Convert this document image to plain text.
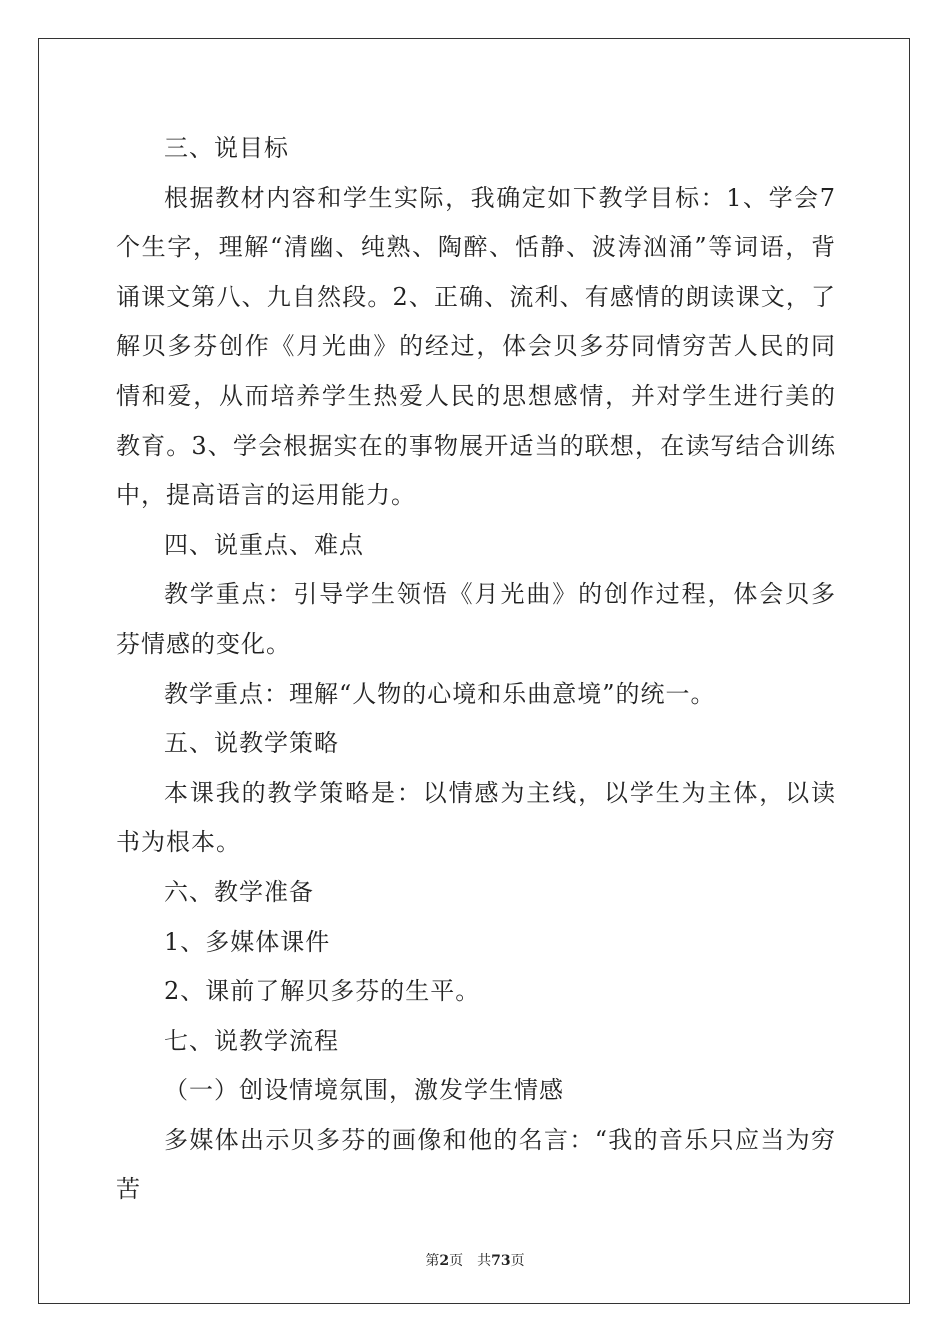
三、说目标

根据教材内容和学生实际，我确定如下教学目标：1、学会7个生字，理解“清幽、纯熟、陶醉、恬静、波涛汹涌”等词语，背诵课文第八、九自然段。2、正确、流利、有感情的朗读课文，了解贝多芬创作《月光曲》的经过，体会贝多芬同情穷苦人民的同情和爱，从而培养学生热爱人民的思想感情，并对学生进行美的教育。3、学会根据实在的事物展开适当的联想，在读写结合训练中，提高语言的运用能力。

四、说重点、难点

教学重点：引导学生领悟《月光曲》的创作过程，体会贝多芬情感的变化。

教学重点：理解“人物的心境和乐曲意境”的统一。

五、说教学策略

本课我的教学策略是：以情感为主线，以学生为主体，以读书为根本。

六、教学准备

1、多媒体课件

2、课前了解贝多芬的生平。

七、说教学流程

（一）创设情境氛围，激发学生情感

多媒体出示贝多芬的画像和他的名言：“我的音乐只应当为穷苦

第2页 共73页
